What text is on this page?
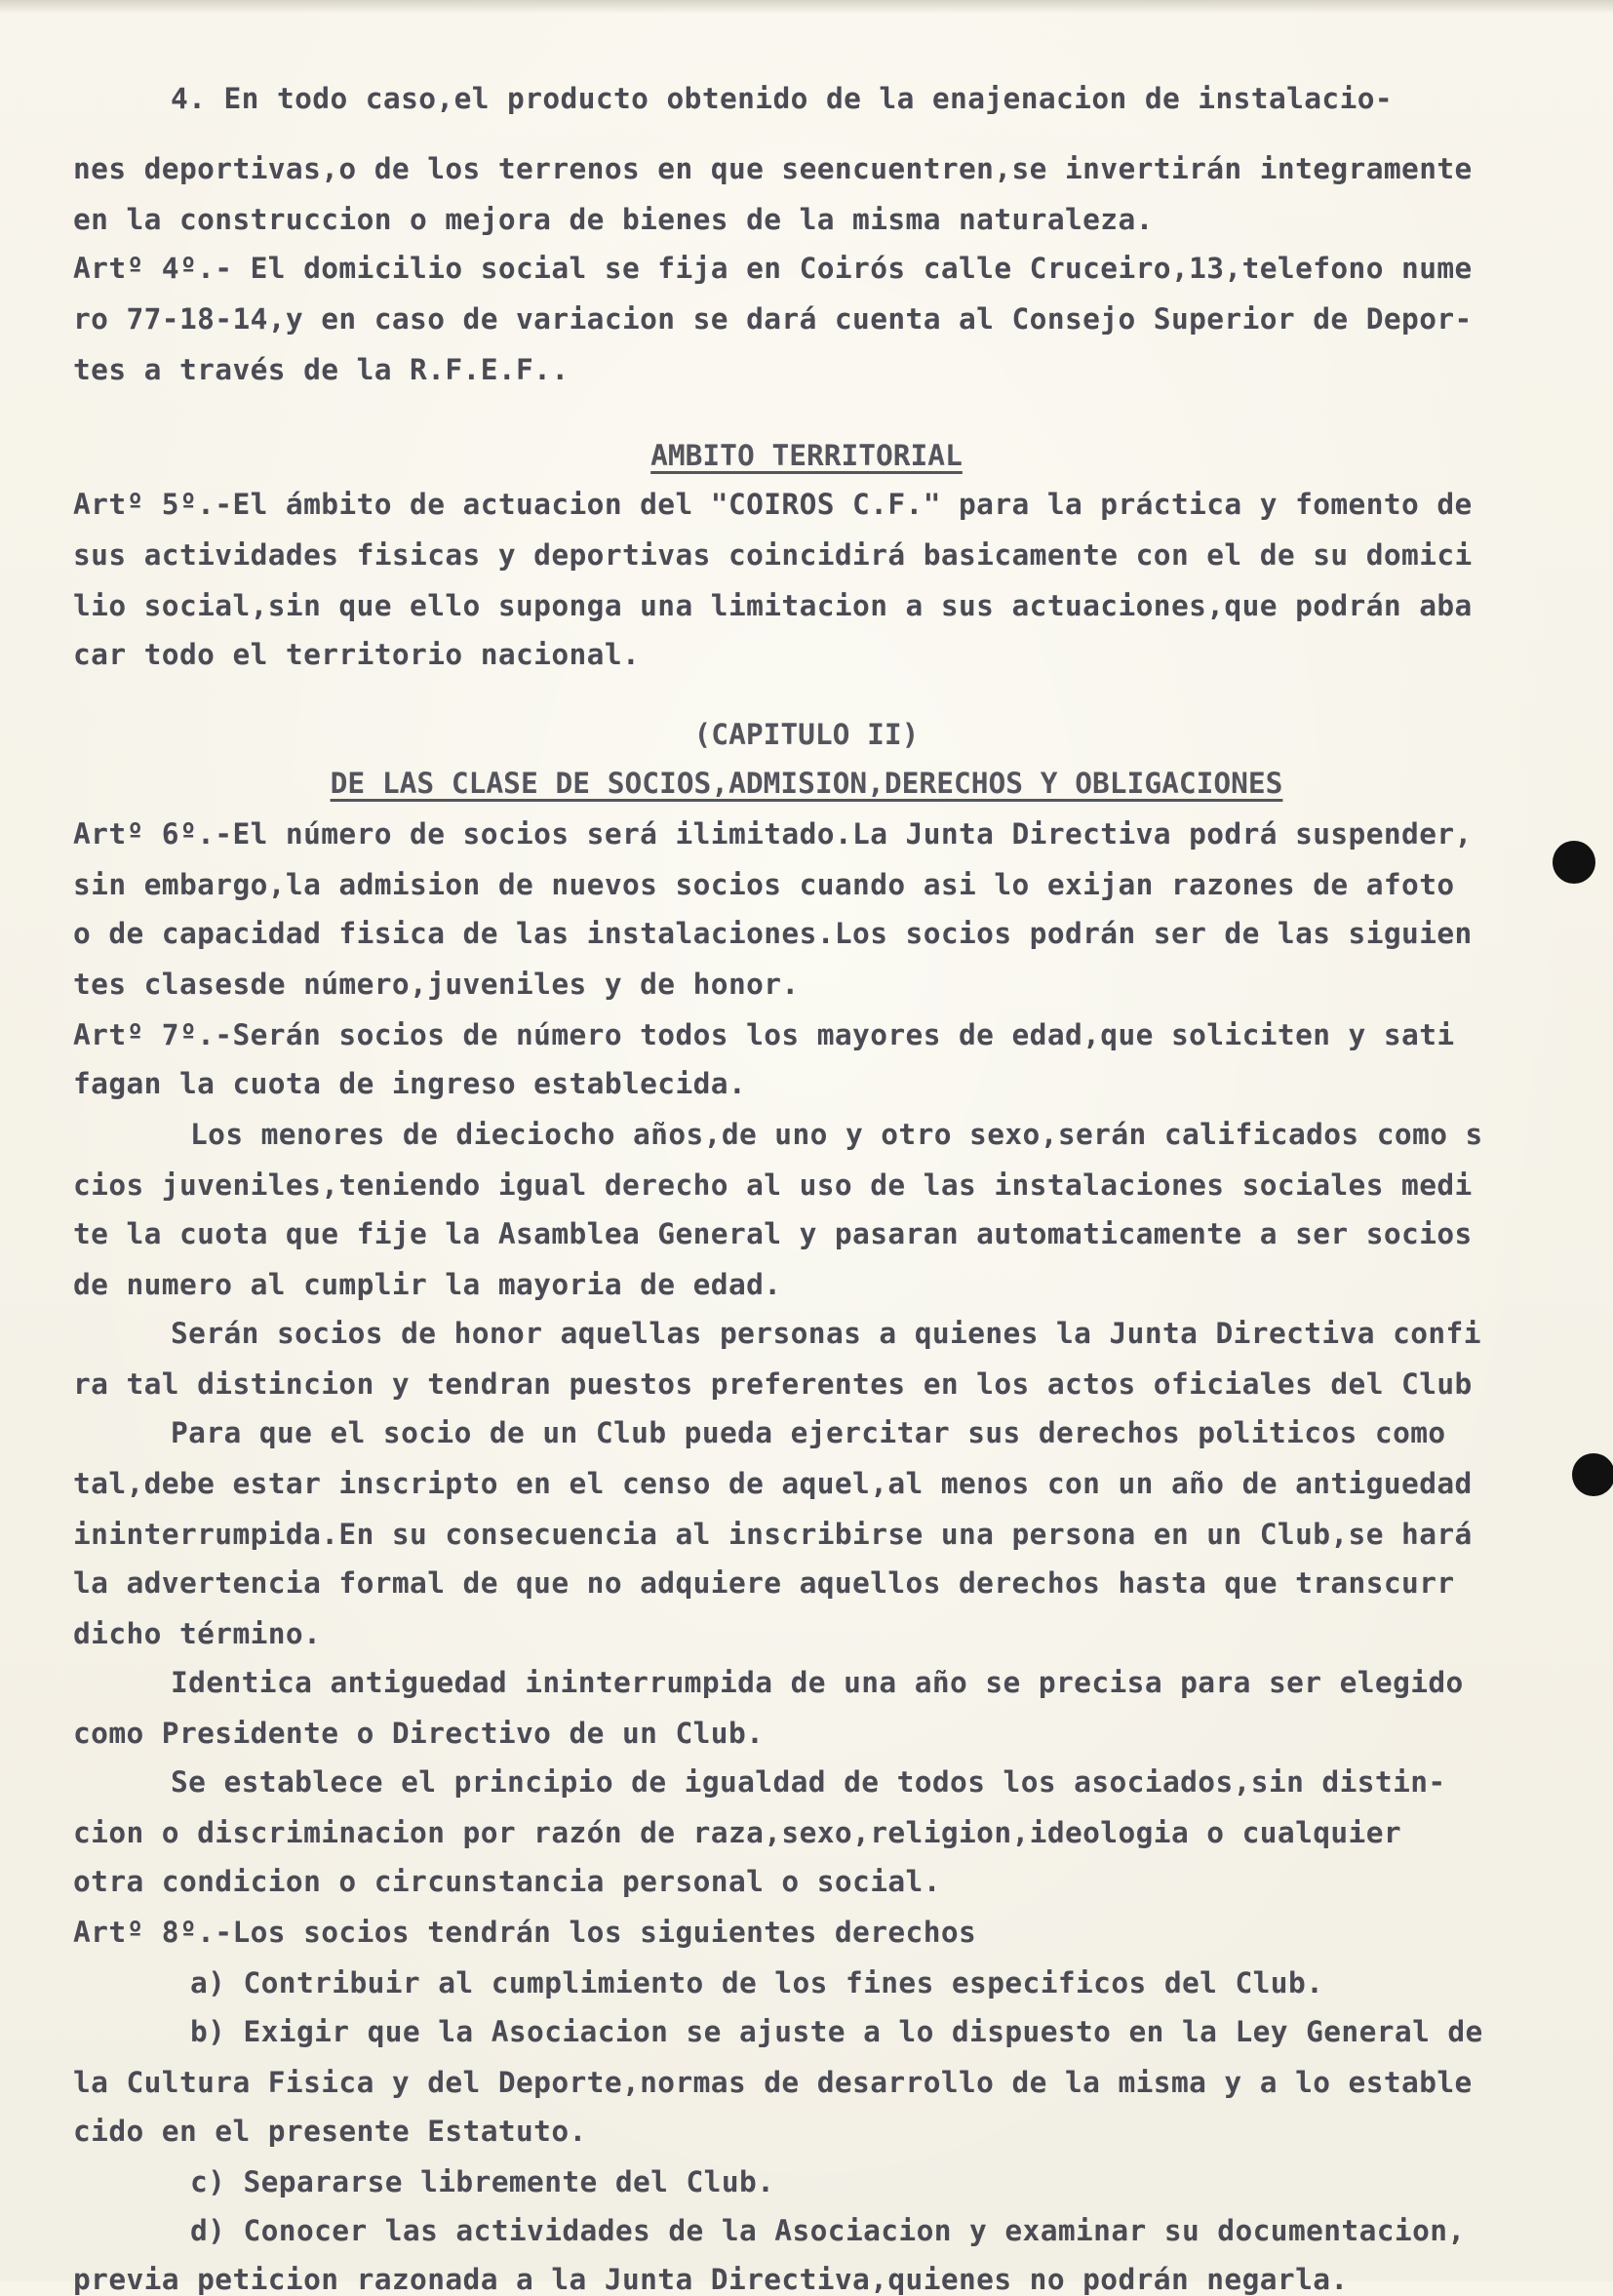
4. En todo caso,el producto obtenido de la enajenacion de instalacio-
nes deportivas,o de los terrenos en que seencuentren,se invertirán integramente
en la construccion o mejora de bienes de la misma naturaleza.
Artº 4º.- El domicilio social se fija en Coirós calle Cruceiro,13,telefono nume
ro 77-18-14,y en caso de variacion se dará cuenta al Consejo Superior de Depor-
tes a través de la R.F.E.F..
AMBITO TERRITORIAL
Artº 5º.-El ámbito de actuacion del "COIROS C.F." para la práctica y fomento de
sus actividades fisicas y deportivas coincidirá basicamente con el de su domici
lio social,sin que ello suponga una limitacion a sus actuaciones,que podrán aba
car todo el territorio nacional.
(CAPITULO II)
DE LAS CLASE DE SOCIOS,ADMISION,DERECHOS Y OBLIGACIONES
Artº 6º.-El número de socios será ilimitado.La Junta Directiva podrá suspender,
sin embargo,la admision de nuevos socios cuando asi lo exijan razones de afoto
o de capacidad fisica de las instalaciones.Los socios podrán ser de las siguien
tes clasesde número,juveniles y de honor.
Artº 7º.-Serán socios de número todos los mayores de edad,que soliciten y sati
fagan la cuota de ingreso establecida.
Los menores de dieciocho años,de uno y otro sexo,serán calificados como s
cios juveniles,teniendo igual derecho al uso de las instalaciones sociales medi
te la cuota que fije la Asamblea General y pasaran automaticamente a ser socios
de numero al cumplir la mayoria de edad.
Serán socios de honor aquellas personas a quienes la Junta Directiva confi
ra tal distincion y tendran puestos preferentes en los actos oficiales del Club
Para que el socio de un Club pueda ejercitar sus derechos politicos como
tal,debe estar inscripto en el censo de aquel,al menos con un año de antiguedad
ininterrumpida.En su consecuencia al inscribirse una persona en un Club,se hará
la advertencia formal de que no adquiere aquellos derechos hasta que transcurr
dicho término.
Identica antiguedad ininterrumpida de una año se precisa para ser elegido
como Presidente o Directivo de un Club.
Se establece el principio de igualdad de todos los asociados,sin distin-
cion o discriminacion por razón de raza,sexo,religion,ideologia o cualquier
otra condicion o circunstancia personal o social.
Artº 8º.-Los socios tendrán los siguientes derechos
a) Contribuir al cumplimiento de los fines especificos del Club.
b) Exigir que la Asociacion se ajuste a lo dispuesto en la Ley General de
la Cultura Fisica y del Deporte,normas de desarrollo de la misma y a lo estable
cido en el presente Estatuto.
c) Separarse libremente del Club.
d) Conocer las actividades de la Asociacion y examinar su documentacion,
previa peticion razonada a la Junta Directiva,quienes no podrán negarla.
